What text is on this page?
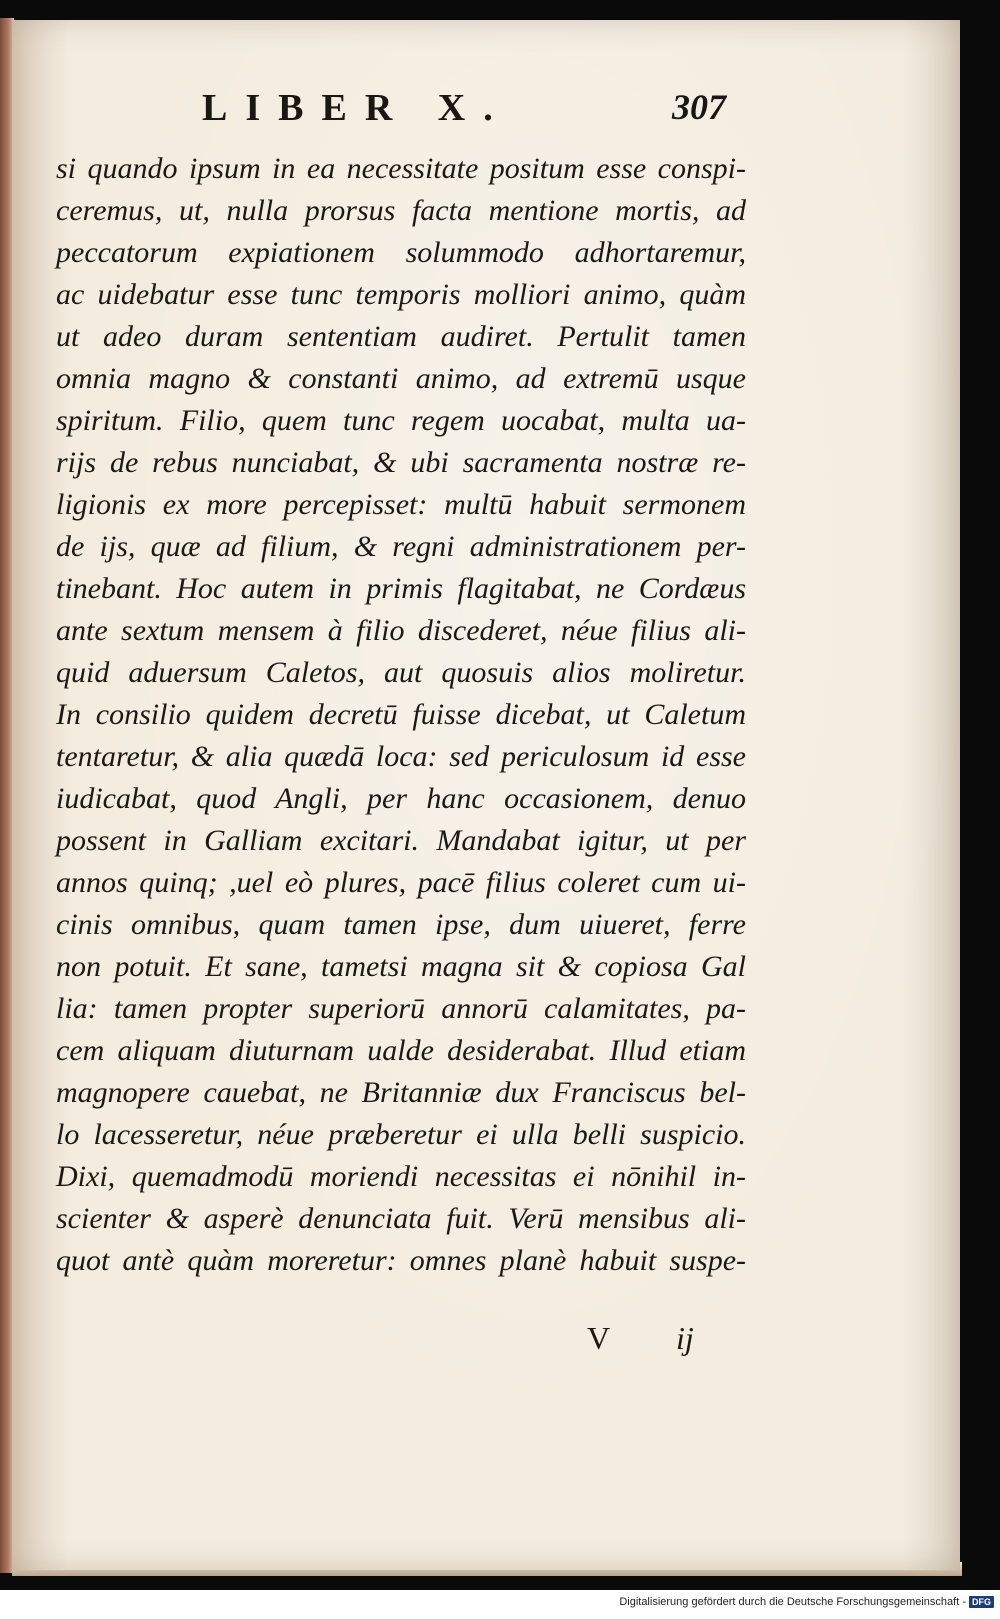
LIBER X.	307
si quando ipsum in ea necessitate positum esse conspi-
ceremus, ut, nulla prorsus facta mentione mortis, ad
peccatorum expiationem solummodo adhortaremur,
ac uidebatur esse tunc temporis molliori animo, quàm
ut adeo duram sententiam audiret. Pertulit tamen
omnia magno & constanti animo, ad extremū usque
spiritum. Filio, quem tunc regem uocabat, multa ua-
rijs de rebus nunciabat, & ubi sacramenta nostræ re-
ligionis ex more percepisset: multū habuit sermonem
de ijs, quæ ad filium, & regni administrationem per-
tinebant. Hoc autem in primis flagitabat, ne Cordæus
ante sextum mensem à filio discederet, néue filius ali-
quid aduersum Caletos, aut quosuis alios moliretur.
In consilio quidem decretū fuisse dicebat, ut Caletum
tentaretur, & alia quædā loca: sed periculosum id esse
iudicabat, quod Angli, per hanc occasionem, denuo
possent in Galliam excitari. Mandabat igitur, ut per
annos quinq; ,uel eò plures, pacē filius coleret cum ui-
cinis omnibus, quam tamen ipse, dum uiueret, ferre
non potuit. Et sane, tametsi magna sit & copiosa Gal
lia: tamen propter superiorū annorū calamitates, pa-
cem aliquam diuturnam ualde desiderabat. Illud etiam
magnopere cauebat, ne Britanniæ dux Franciscus bel-
lo lacesseretur, néue præberetur ei ulla belli suspicio.
Dixi, quemadmodū moriendi necessitas ei nōnihil in-
scienter & asperè denunciata fuit. Verū mensibus ali-
quot antè quàm moreretur: omnes planè habuit suspe-
V ij
Digitalisierung gefördert durch die Deutsche Forschungsgemeinschaft - DFG
